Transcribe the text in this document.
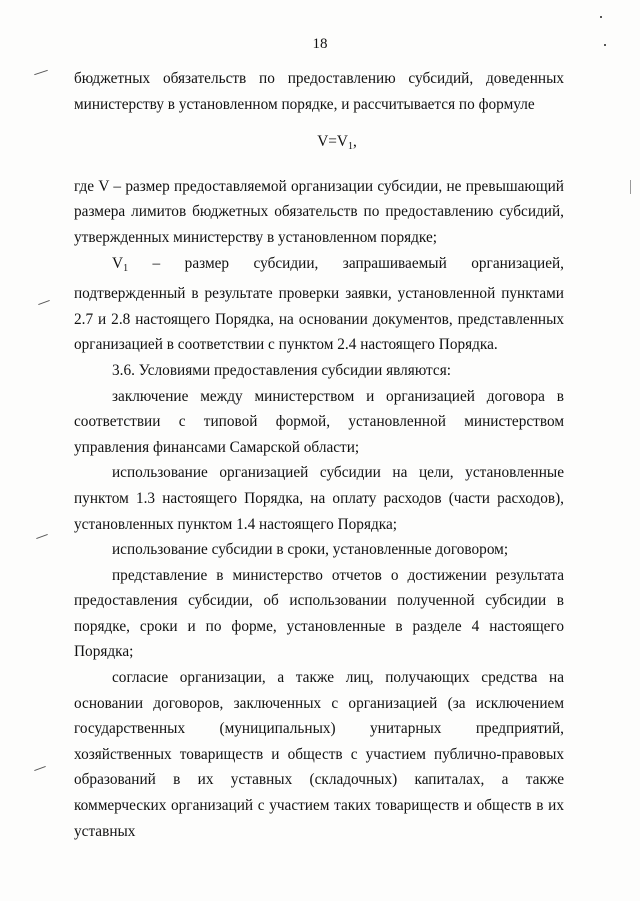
18

бюджетных обязательств по предоставлению субсидий, доведенных министерству в установленном порядке, и рассчитывается по формуле

$V=V_1$,

где V – размер предоставляемой организации субсидии, не превышающий размера лимитов бюджетных обязательств по предоставлению субсидий, утвержденных министерству в установленном порядке;

$V_1$ – размер субсидии, запрашиваемый организацией, подтвержденный в результате проверки заявки, установленной пунктами 2.7 и 2.8 настоящего Порядка, на основании документов, представленных организацией в соответствии с пунктом 2.4 настоящего Порядка.

3.6. Условиями предоставления субсидии являются:

заключение между министерством и организацией договора в соответствии с типовой формой, установленной министерством управления финансами Самарской области;

использование организацией субсидии на цели, установленные пунктом 1.3 настоящего Порядка, на оплату расходов (части расходов), установленных пунктом 1.4 настоящего Порядка;

использование субсидии в сроки, установленные договором;

представление в министерство отчетов о достижении результата предоставления субсидии, об использовании полученной субсидии в порядке, сроки и по форме, установленные в разделе 4 настоящего Порядка;

согласие организации, а также лиц, получающих средства на основании договоров, заключенных с организацией (за исключением государственных (муниципальных) унитарных предприятий, хозяйственных товариществ и обществ с участием публично-правовых образований в их уставных (складочных) капиталах, а также коммерческих организаций с участием таких товариществ и обществ в их уставных
